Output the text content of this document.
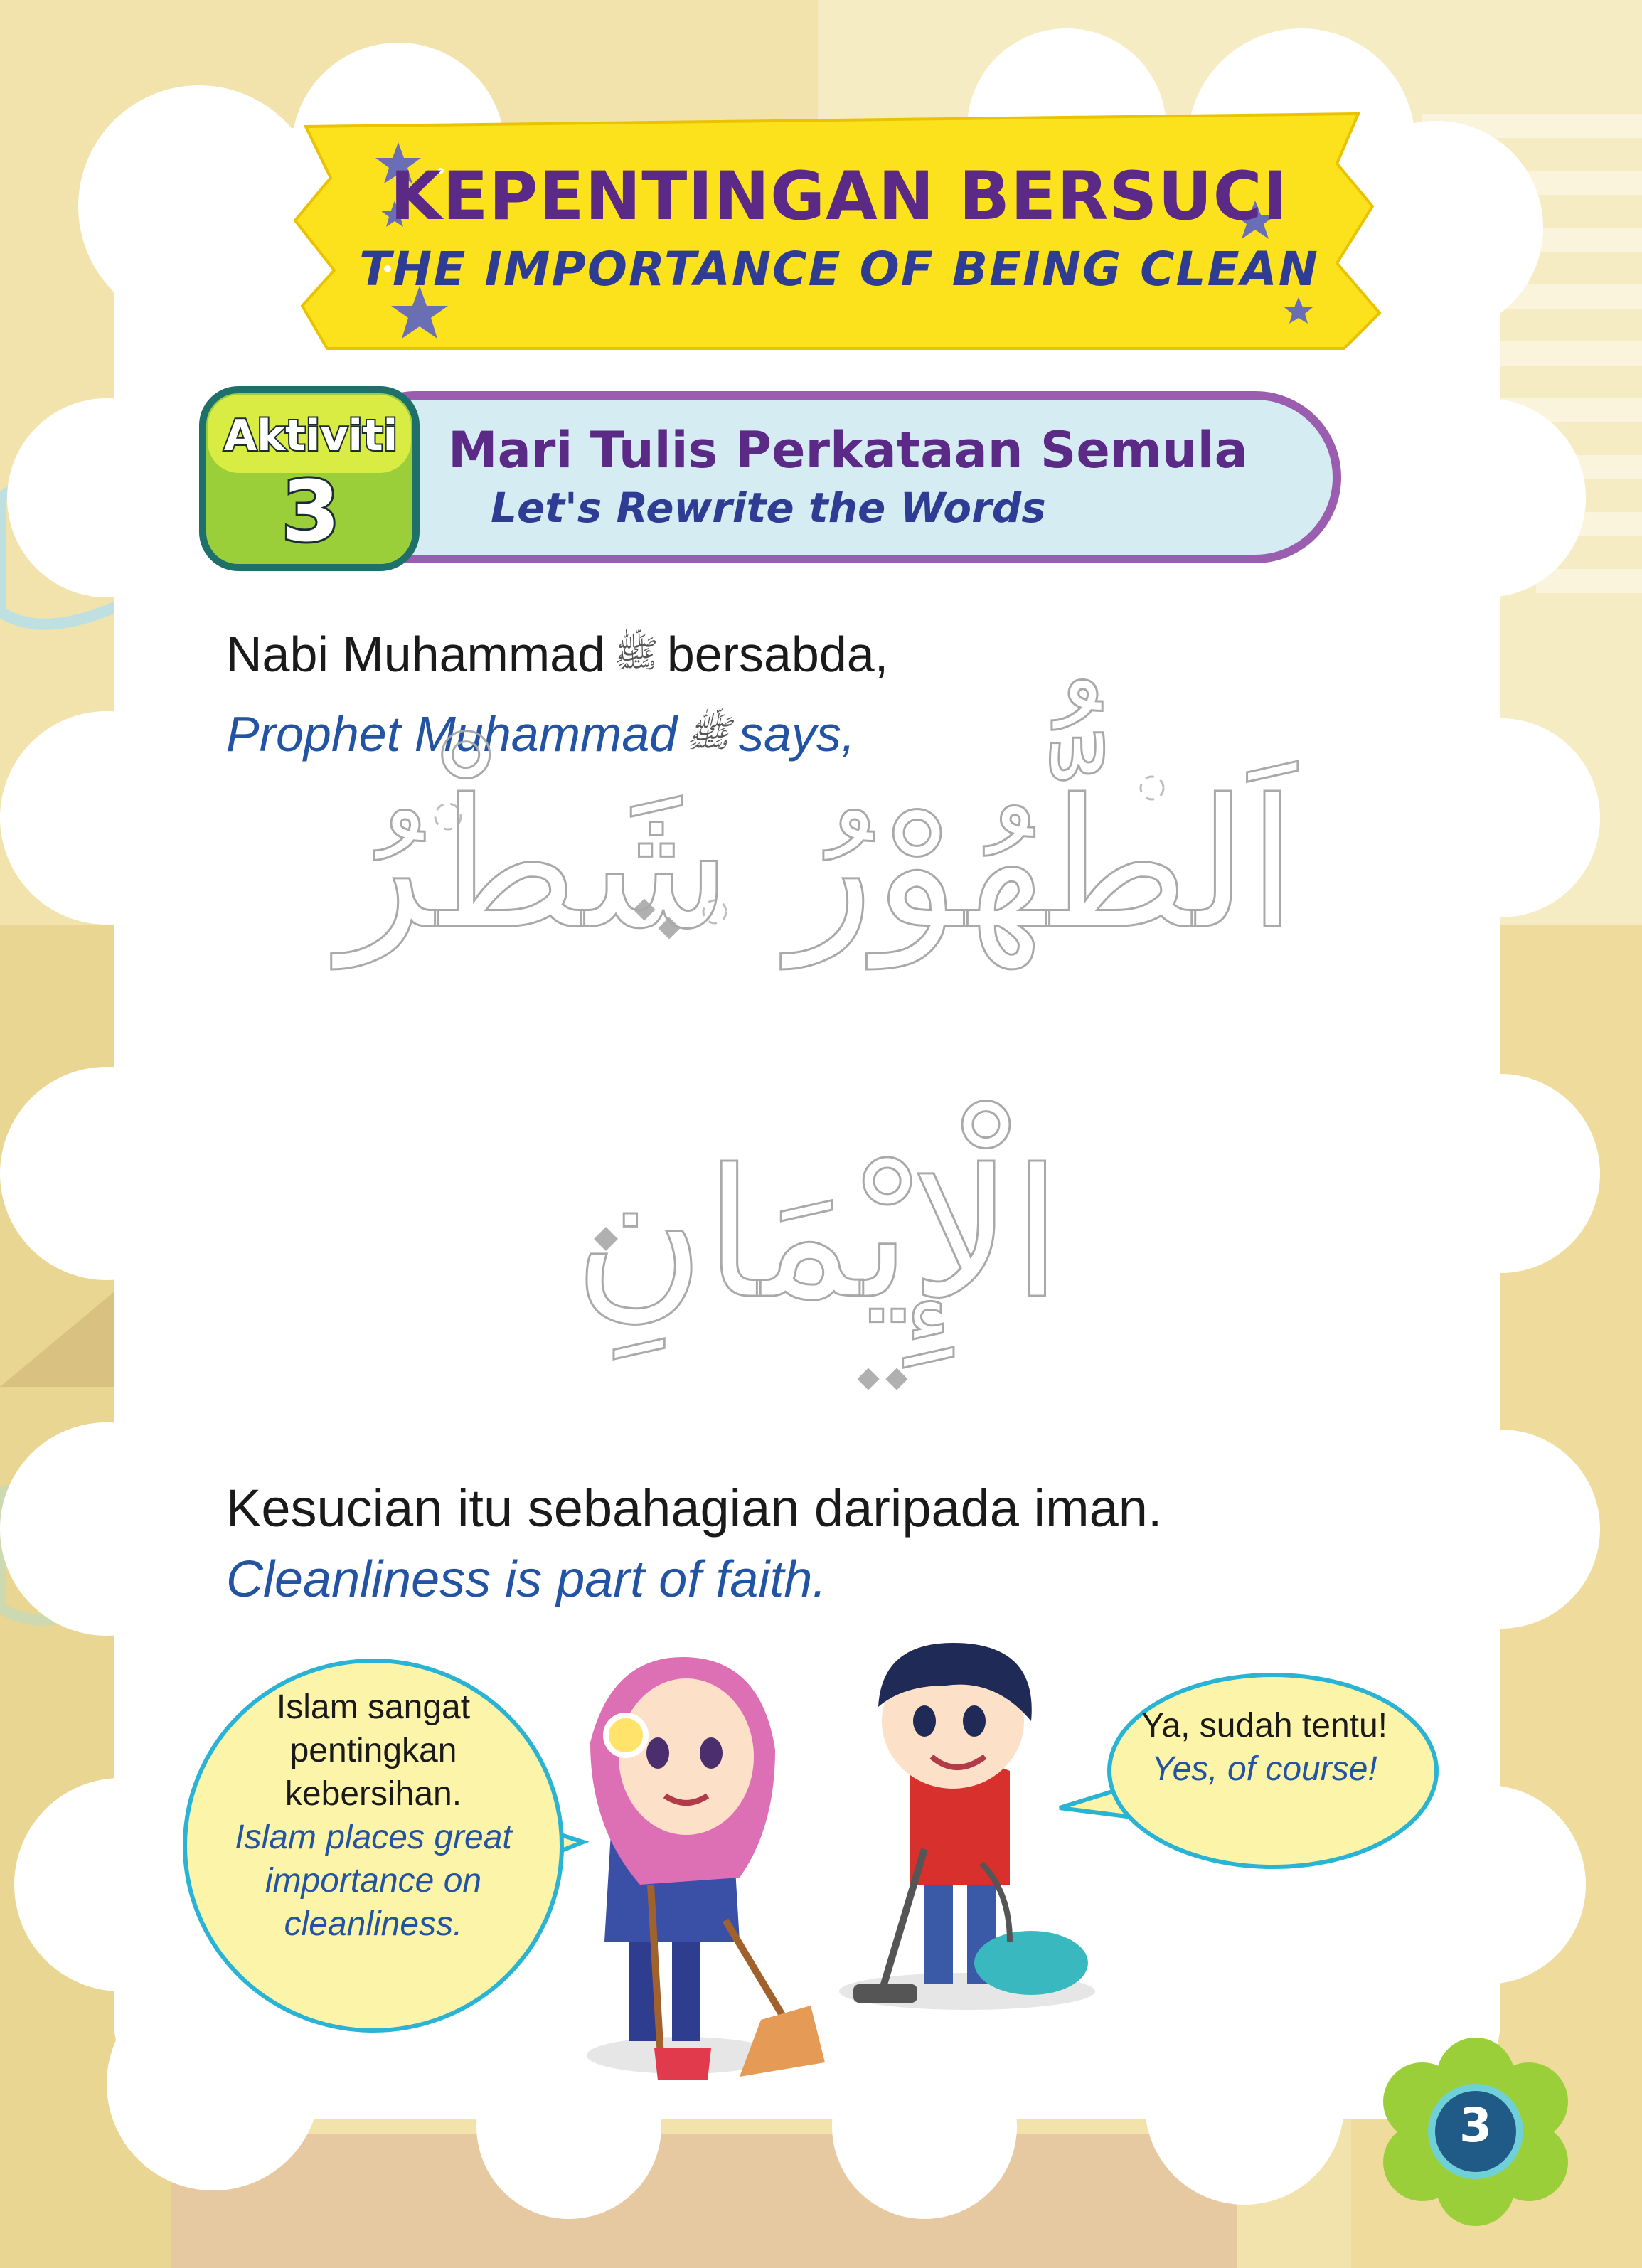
KEPENTINGAN BERSUCI
THE IMPORTANCE OF BEING CLEAN
Aktiviti
3
Mari Tulis Perkataan Semula
Let's Rewrite the Words
Nabi Muhammad ﷺ bersabda,
Prophet Muhammad ﷺ says,
اَلطُّهُوْرُ شَطْرُ
الْإِيْمَانِ
Kesucian itu sebahagian daripada iman.
Cleanliness is part of faith.
Islam sangat
pentingkan
kebersihan.
Islam places great
importance on
cleanliness.
Ya, sudah tentu!
Yes, of course!
3
